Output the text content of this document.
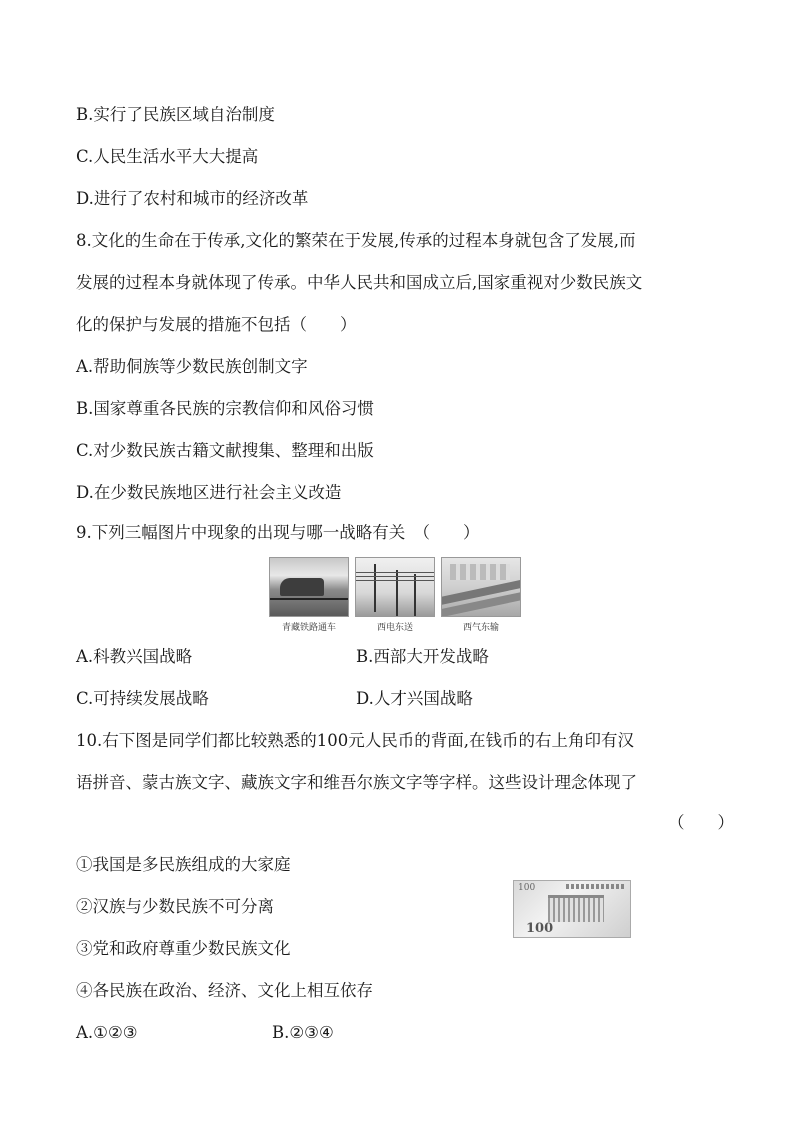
B.实行了民族区域自治制度
C.人民生活水平大大提高
D.进行了农村和城市的经济改革
8.文化的生命在于传承,文化的繁荣在于发展,传承的过程本身就包含了发展,而
发展的过程本身就体现了传承。中华人民共和国成立后,国家重视对少数民族文
化的保护与发展的措施不包括（　　）
A.帮助侗族等少数民族创制文字
B.国家尊重各民族的宗教信仰和风俗习惯
C.对少数民族古籍文献搜集、整理和出版
D.在少数民族地区进行社会主义改造
9.下列三幅图片中现象的出现与哪一战略有关　（　　）
青藏铁路通车	西电东送	西气东输
A.科教兴国战略	B.西部大开发战略
C.可持续发展战略	D.人才兴国战略
10.右下图是同学们都比较熟悉的100元人民币的背面,在钱币的右上角印有汉
语拼音、蒙古族文字、藏族文字和维吾尔族文字等字样。这些设计理念体现了
（　　）
①我国是多民族组成的大家庭
②汉族与少数民族不可分离
③党和政府尊重少数民族文化
④各民族在政治、经济、文化上相互依存
100
100
A.①②③	B.②③④
